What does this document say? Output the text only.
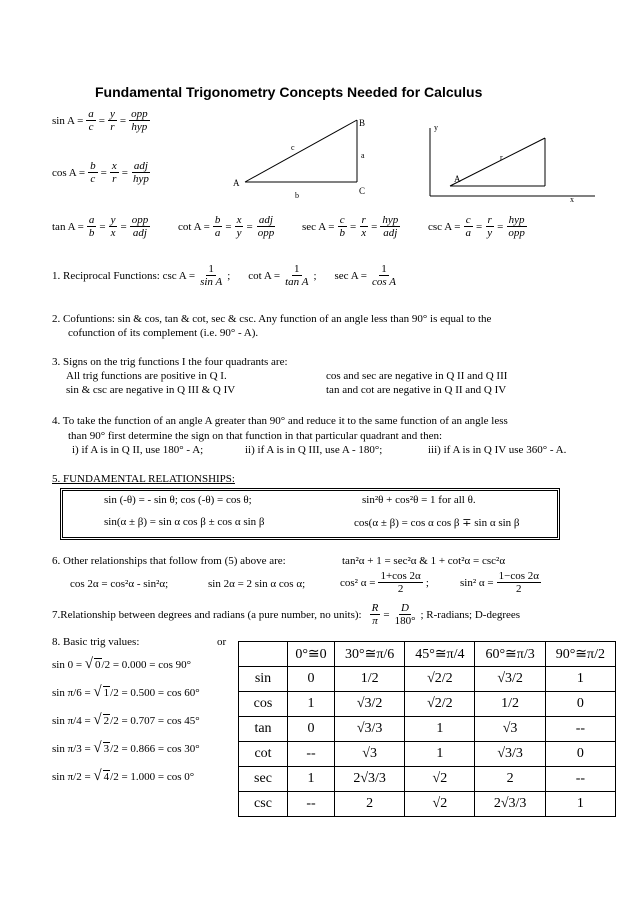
Fundamental Trigonometry Concepts Needed for Calculus
$\sin A = \frac{a}{c} = \frac{y}{r} = \frac{\text{opp}}{\text{hyp}}$
$\cos A = \frac{b}{c} = \frac{x}{r} = \frac{\text{adj}}{\text{hyp}}$
B
C
A
a
b
c
y
r
A
x
$\tan A = \frac{a}{b} = \frac{y}{x} = \frac{\text{opp}}{\text{adj}}$	$\cot A = \frac{b}{a} = \frac{x}{y} = \frac{\text{adj}}{\text{opp}}$ $\sec A = \frac{c}{b} = \frac{r}{x} = \frac{\text{hyp}}{\text{adj}}$	$\csc A = \frac{c}{a} = \frac{r}{y} = \frac{\text{hyp}}{\text{opp}}$
1. Reciprocal Functions: $\csc A = \frac{1}{\text{sin A}}$ ; $\cot A = \frac{1}{\text{tan A}}$ ; $\sec A = \frac{1}{\text{cos A}}$
2. Cofuntions: sin & cos, tan & cot, sec & csc. Any function of an angle less than 90° is equal to the
cofunction of its complement (i.e. 90° - A).
3. Signs on the trig functions I the four quadrants are:
All trig functions are positive in Q I.	cos and sec are negative in Q II and Q III
sin & csc are negative in Q III & Q IV	tan and cot are negative in Q II and Q IV
4. To take the function of an angle A greater than 90° and reduce it to the same function of an angle less
than 90° first determine the sign on that function in that particular quadrant and then:
i) if A is in Q II, use 180° - A;	ii) if A is in Q III, use A - 180°;	iii) if A is in Q IV use 360° - A.
5. FUNDAMENTAL RELATIONSHIPS:
sin (-θ) = - sin θ; cos (-θ) = cos θ;	sin²θ + cos²θ = 1 for all θ.
sin(α ± β) = sin α cos β ± cos α sin β	cos(α ± β) = cos α cos β ∓ sin α sin β
6. Other relationships that follow from (5) above are:	tan²α + 1 = sec²α & 1 + cot²α = csc²α
cos 2α = cos²α - sin²α;	sin 2α = 2 sin α cos α;	cos² $\alpha = \frac{1+\cos 2\alpha}{2}$ ;	sin² $\alpha = \frac{1-\cos 2\alpha}{2}$
7.Relationship between degrees and radians (a pure number, no units): $\frac{R}{\pi} = \frac{D}{180^\circ}$ ; R-radians; D-degrees
8. Basic trig values:	or
sin 0 = √ 0/2 = 0.000 = cos 90°
sin π/6 = √ 1/2 = 0.500 = cos 60°
sin π/4 = √ 2/2 = 0.707 = cos 45°
sin π/3 = √ 3/2 = 0.866 = cos 30°
sin π/2 = √ 4/2 = 1.000 = cos 0°
	0°≅0	30°≅π/6	45°≅π/4	60°≅π/3	90°≅π/2
sin	0	1/2	√2/2	√3/2	1
cos	1	√3/2	√2/2	1/2	0
tan	0	√3/3	1	√3	--
cot	--	√3	1	√3/3	0
sec	1	2√3/3	√2	2	--
csc	--	2	√2	2√3/3	1
